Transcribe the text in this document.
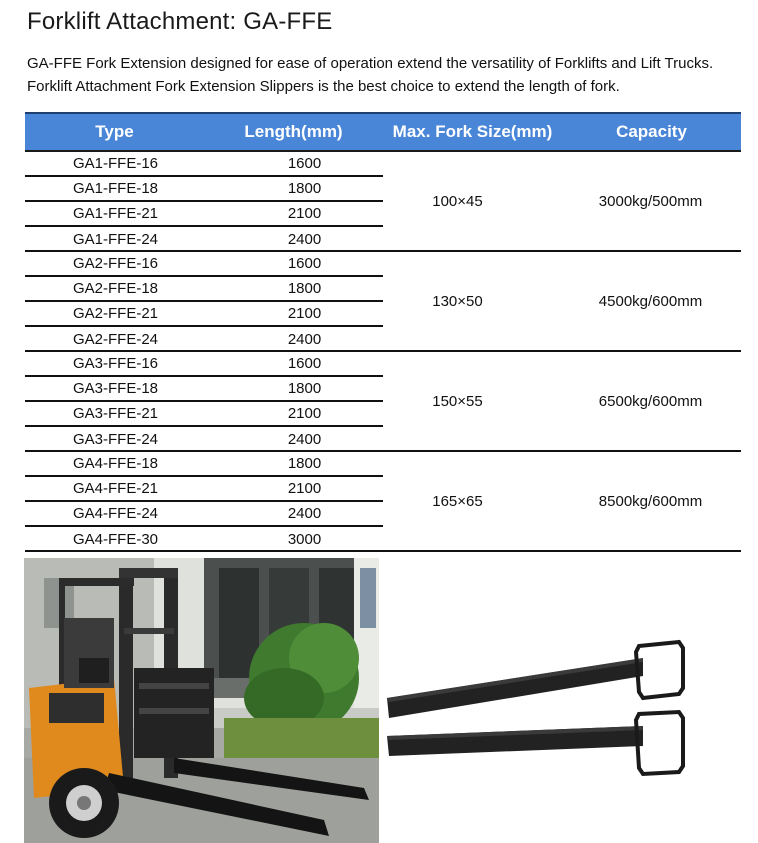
Forklift Attachment: GA-FFE
GA-FFE Fork Extension designed for ease of operation extend the versatility of Forklifts and Lift Trucks. Forklift Attachment Fork Extension Slippers is the best choice to extend the length of fork.
Type	Length(mm)	Max. Fork Size(mm)	Capacity
GA1-FFE-16	1600
GA1-FFE-18	1800
GA1-FFE-21	2100
GA1-FFE-24	2400
100×45	3000kg/500mm
GA2-FFE-16	1600
GA2-FFE-18	1800
GA2-FFE-21	2100
GA2-FFE-24	2400
130×50	4500kg/600mm
GA3-FFE-16	1600
GA3-FFE-18	1800
GA3-FFE-21	2100
GA3-FFE-24	2400
150×55	6500kg/600mm
GA4-FFE-18	1800
GA4-FFE-21	2100
GA4-FFE-24	2400
GA4-FFE-30	3000
165×65	8500kg/600mm
